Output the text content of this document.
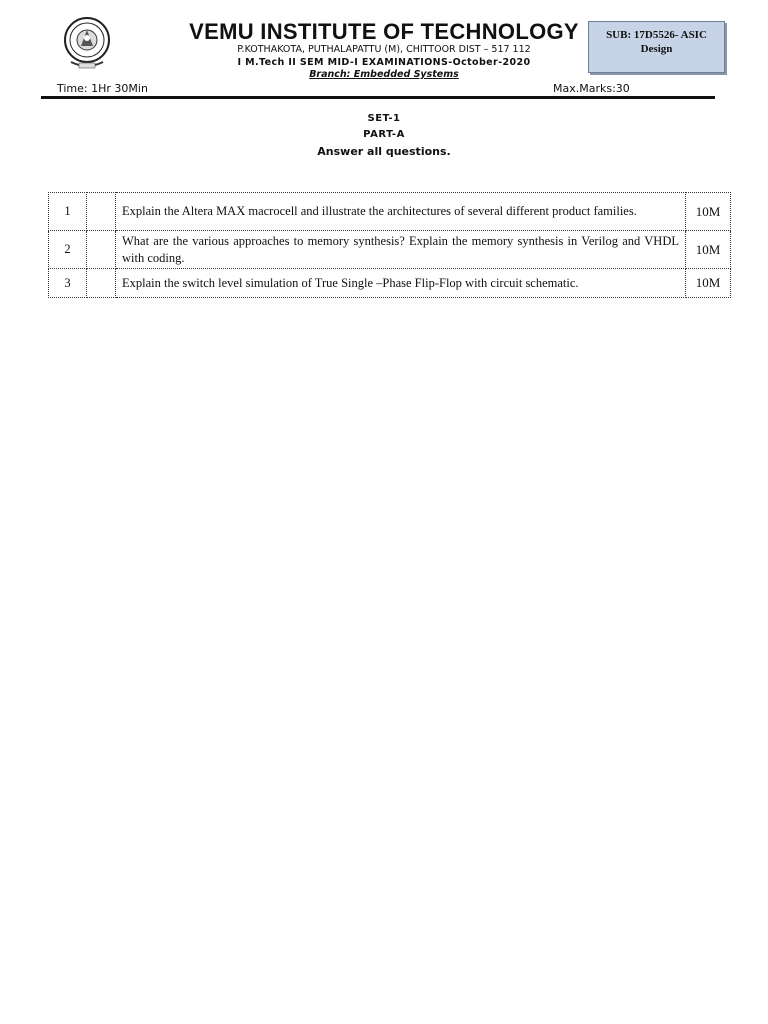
VEMU INSTITUTE OF TECHNOLOGY
P.KOTHAKOTA, PUTHALAPATTU (M), CHITTOOR DIST – 517 112
I M.Tech II SEM MID-I EXAMINATIONS-October-2020
Branch: Embedded Systems
SUB: 17D5526- ASIC
Design
Time: 1Hr 30Min	Max.Marks:30
SET-1
PART-A
Answer all questions.
1		Explain the Altera MAX macrocell and illustrate the architectures of several different product families.	10M
2		What are the various approaches to memory synthesis? Explain the memory synthesis in Verilog and VHDL with coding.	10M
3		Explain the switch level simulation of True Single –Phase Flip-Flop with circuit schematic.	10M
